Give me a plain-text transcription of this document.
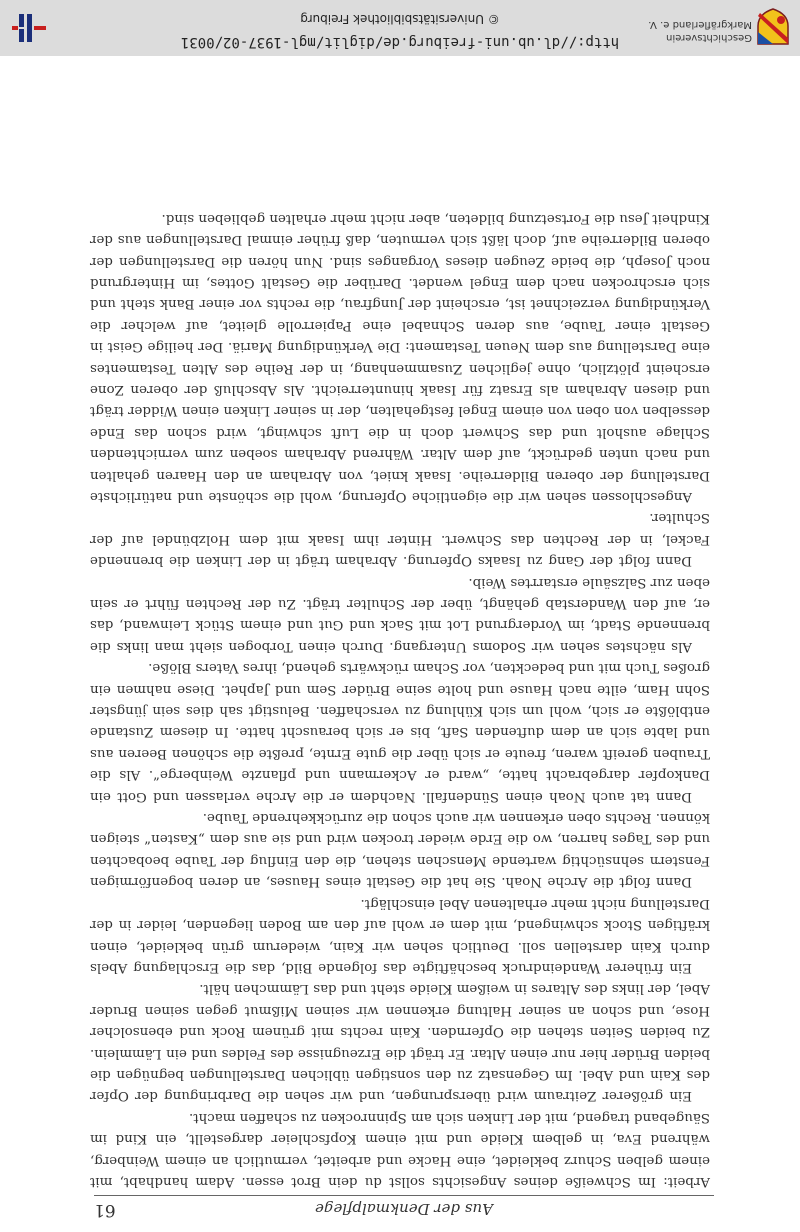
Aus der Denkmalpflege
61

Arbeit: Im Schweiße deines Angesichts sollst du dein Brot essen. Adam handhabt, mit einem gelben Schurz bekleidet, eine Hacke und arbeitet, vermutlich an einem Weinberg, während Eva, in gelbem Kleide und mit einem Kopfschleier dargestellt, ein Kind im Säugeband tragend, mit der Linken sich am Spinnrocken zu schaffen macht.

Ein größerer Zeitraum wird übersprungen, und wir sehen die Darbringung der Opfer des Kain und Abel. Im Gegensatz zu den sonstigen üblichen Darstellungen begnügen die beiden Brüder hier nur einen Altar. Er trägt die Erzeugnisse des Feldes und ein Lämmlein. Zu beiden Seiten stehen die Opfernden. Kain rechts mit grünem Rock und ebensolcher Hose, und schon an seiner Haltung erkennen wir seinen Mißmut gegen seinen Bruder Abel, der links des Altares in weißem Kleide steht und das Lämmchen hält.

Ein früherer Wandeindruck beschäftigte das folgende Bild, das die Erschlagung Abels durch Kain darstellen soll. Deutlich sehen wir Kain, wiederum grün bekleidet, einen kräftigen Stock schwingend, mit dem er wohl auf den am Boden liegenden, leider in der Darstellung nicht mehr erhaltenen Abel einschlägt.

Dann folgt die Arche Noah. Sie hat die Gestalt eines Hauses, an deren bogenförmigen Fenstern sehnsüchtig wartende Menschen stehen, die den Einflug der Taube beobachten und des Tages harren, wo die Erde wieder trocken wird und sie aus dem „Kasten“ steigen können. Rechts oben erkennen wir auch schon die zurückkehrende Taube.

Dann tat auch Noah einen Sündenfall. Nachdem er die Arche verlassen und Gott ein Dankopfer dargebracht hatte, „ward er Ackermann und pflanzte Weinberge“. Als die Trauben gereift waren, freute er sich über die gute Ernte, preßte die schönen Beeren aus und labte sich an dem duftenden Saft, bis er sich berauscht hatte. In diesem Zustande entblößte er sich, wohl um sich Kühlung zu verschaffen. Belustigt sah dies sein jüngster Sohn Ham, eilte nach Hause und holte seine Brüder Sem und Japhet. Diese nahmen ein großes Tuch mit und bedeckten, vor Scham rückwärts gehend, ihres Vaters Blöße.

Als nächstes sehen wir Sodoms Untergang. Durch einen Torbogen sieht man links die brennende Stadt, im Vordergrund Lot mit Sack und Gut und einem Stück Leinwand, das er, auf den Wanderstab gehängt, über der Schulter trägt. Zu der Rechten führt er sein eben zur Salzsäule erstarrtes Weib.

Dann folgt der Gang zu Isaaks Opferung. Abraham trägt in der Linken die brennende Fackel, in der Rechten das Schwert. Hinter ihm Isaak mit dem Holzbündel auf der Schulter.

Angeschlossen sehen wir die eigentliche Opferung, wohl die schönste und natürlichste Darstellung der oberen Bilderreihe. Isaak kniet, von Abraham an den Haaren gehalten und nach unten gedrückt, auf dem Altar. Während Abraham soeben zum vernichtenden Schlage ausholt und das Schwert doch in die Luft schwingt, wird schon das Ende desselben von oben von einem Engel festgehalten, der in seiner Linken einen Widder trägt und diesen Abraham als Ersatz für Isaak hinunterreicht. Als Abschluß der oberen Zone erscheint plötzlich, ohne jeglichen Zusammenhang, in der Reihe des Alten Testamentes eine Darstellung aus dem Neuen Testament: Die Verkündigung Mariä. Der heilige Geist in Gestalt einer Taube, aus deren Schnabel eine Papierrolle gleitet, auf welcher die Verkündigung verzeichnet ist, erscheint der Jungfrau, die rechts vor einer Bank steht und sich erschrocken nach dem Engel wendet. Darüber die Gestalt Gottes, im Hintergrund noch Joseph, die beide Zeugen dieses Vorganges sind. Nun hören die Darstellungen der oberen Bilderreihe auf, doch läßt sich vermuten, daß früher einmal Darstellungen aus der Kindheit Jesu die Fortsetzung bildeten, aber nicht mehr erhalten geblieben sind.

Geschichtsverein Markgräflerland e. V.
http://dl.ub.uni-freiburg.de/diglit/mgl-1937-02/0031
© Universitätsbibliothek Freiburg
